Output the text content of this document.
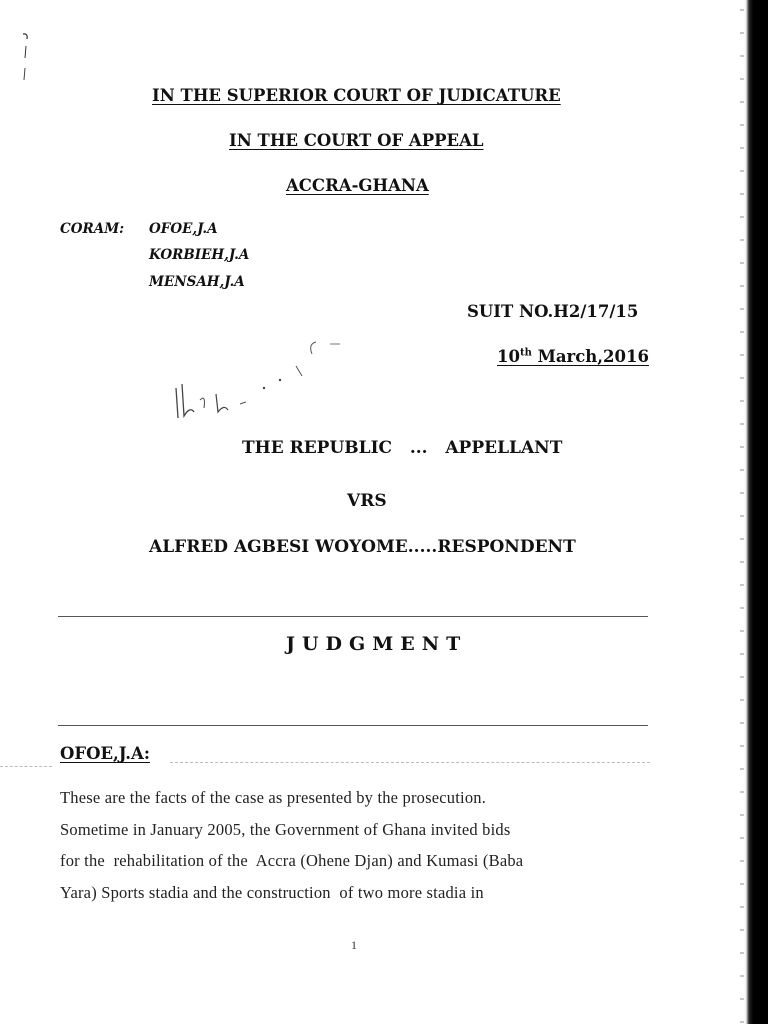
IN THE SUPERIOR COURT OF JUDICATURE
IN THE COURT OF APPEAL
ACCRA-GHANA
CORAM: OFOE,J.A
KORBIEH,J.A
MENSAH,J.A
SUIT NO.H2/17/15
10th March,2016
THE REPUBLIC   ...   APPELLANT
VRS
ALFRED AGBESI WOYOME.....RESPONDENT
JUDGMENT
OFOE,J.A:
These are the facts of the case as presented by the prosecution.
Sometime in January 2005, the Government of Ghana invited bids
for the  rehabilitation of the  Accra (Ohene Djan) and Kumasi (Baba
Yara) Sports stadia and the construction  of two more stadia in
1
